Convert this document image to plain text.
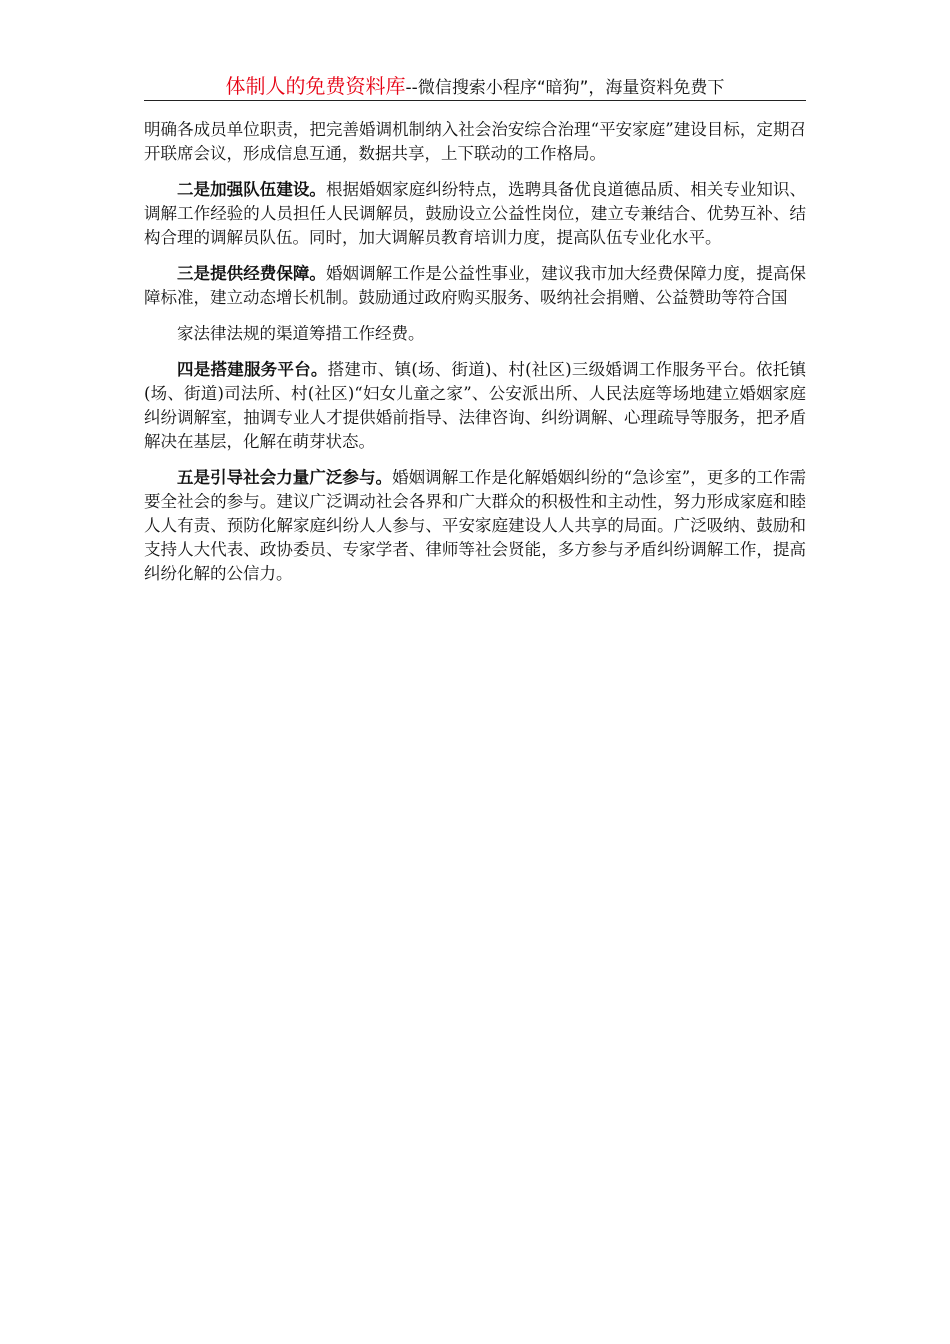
体制人的免费资料库--微信搜索小程序“暗狗”，海量资料免费下

明确各成员单位职责，把完善婚调机制纳入社会治安综合治理“平安家庭”建设目标，定期召开联席会议，形成信息互通，数据共享，上下联动的工作格局。

二是加强队伍建设。根据婚姻家庭纠纷特点，选聘具备优良道德品质、相关专业知识、调解工作经验的人员担任人民调解员，鼓励设立公益性岗位，建立专兼结合、优势互补、结构合理的调解员队伍。同时，加大调解员教育培训力度，提高队伍专业化水平。

三是提供经费保障。婚姻调解工作是公益性事业，建议我市加大经费保障力度，提高保障标准，建立动态增长机制。鼓励通过政府购买服务、吸纳社会捐赠、公益赞助等符合国

家法律法规的渠道筹措工作经费。

四是搭建服务平台。搭建市、镇(场、街道)、村(社区)三级婚调工作服务平台。依托镇(场、街道)司法所、村(社区)“妇女儿童之家”、公安派出所、人民法庭等场地建立婚姻家庭纠纷调解室，抽调专业人才提供婚前指导、法律咨询、纠纷调解、心理疏导等服务，把矛盾解决在基层，化解在萌芽状态。

五是引导社会力量广泛参与。婚姻调解工作是化解婚姻纠纷的“急诊室”，更多的工作需要全社会的参与。建议广泛调动社会各界和广大群众的积极性和主动性，努力形成家庭和睦人人有责、预防化解家庭纠纷人人参与、平安家庭建设人人共享的局面。广泛吸纳、鼓励和支持人大代表、政协委员、专家学者、律师等社会贤能，多方参与矛盾纠纷调解工作，提高纠纷化解的公信力。
